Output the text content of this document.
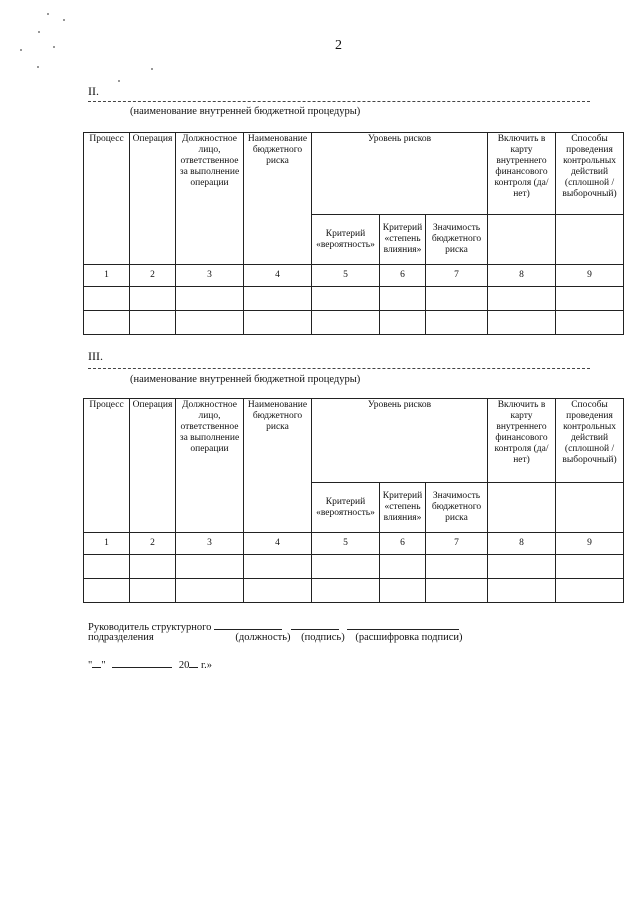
2
II.
(наименование внутренней бюджетной процедуры)
Процесс	Операция	Должностное лицо, ответственное за выполнение операции	Наименование бюджетного риска	Уровень рисков			Включить в карту внутреннего финансового контроля (да/нет)	Способы проведения контрольных действий (сплошной / выборочный)
				Критерий «вероятность»	Критерий «степень влияния»	Значимость бюджетного риска		
1	2	3	4	5	6	7	8	9

III.
(наименование внутренней бюджетной процедуры)
Процесс	Операция	Должностное лицо, ответственное за выполнение операции	Наименование бюджетного риска	Уровень рисков			Включить в карту внутреннего финансового контроля (да/нет)	Способы проведения контрольных действий (сплошной / выборочный)
				Критерий «вероятность»	Критерий «степень влияния»	Значимость бюджетного риска		
1	2	3	4	5	6	7	8	9

Руководитель структурного
подразделения	(должность) (подпись) (расшифровка подписи)
" "	20 г.»
